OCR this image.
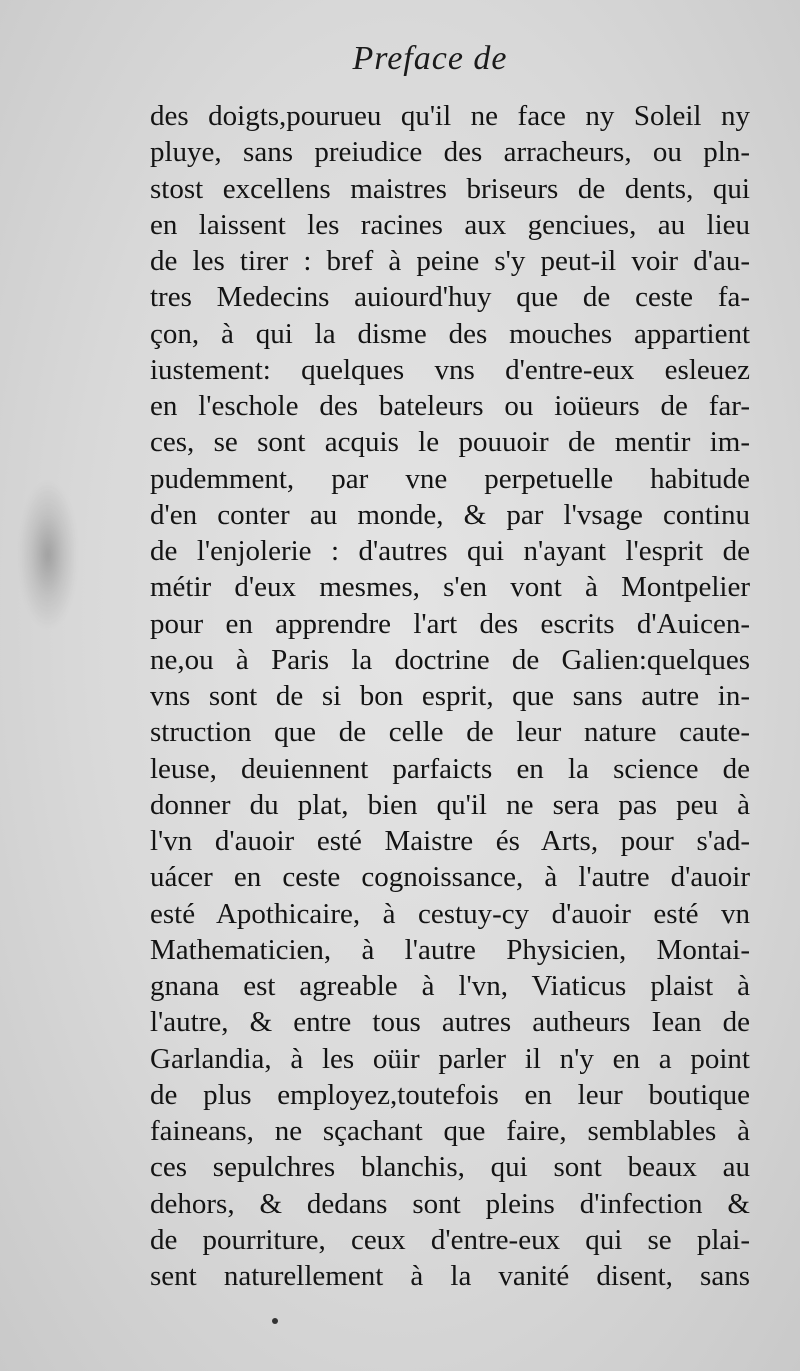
Preface de
des doigts,pourueu qu'il ne face ny Soleil ny
pluye, sans preiudice des arracheurs, ou pln-
stost excellens maistres briseurs de dents, qui
en laissent les racines aux genciues, au lieu
de les tirer : bref à peine s'y peut-il voir d'au-
tres Medecins auiourd'huy que de ceste fa-
çon, à qui la disme des mouches appartient
iustement: quelques vns d'entre-eux esleuez
en l'eschole des bateleurs ou ioüeurs de far-
ces, se sont acquis le pouuoir de mentir im-
pudemment, par vne perpetuelle habitude
d'en conter au monde, & par l'vsage continu
de l'enjolerie : d'autres qui n'ayant l'esprit de
métir d'eux mesmes, s'en vont à Montpelier
pour en apprendre l'art des escrits d'Auicen-
ne,ou à Paris la doctrine de Galien:quelques
vns sont de si bon esprit, que sans autre in-
struction que de celle de leur nature caute-
leuse, deuiennent parfaicts en la science de
donner du plat, bien qu'il ne sera pas peu à
l'vn d'auoir esté Maistre és Arts, pour s'ad-
uácer en ceste cognoissance, à l'autre d'auoir
esté Apothicaire, à cestuy-cy d'auoir esté vn
Mathematicien, à l'autre Physicien, Montai-
gnana est agreable à l'vn, Viaticus plaist à
l'autre, & entre tous autres autheurs Iean de
Garlandia, à les oüir parler il n'y en a point
de plus employez,toutefois en leur boutique
faineans, ne sçachant que faire, semblables à
ces sepulchres blanchis, qui sont beaux au
dehors, & dedans sont pleins d'infection &
de pourriture, ceux d'entre-eux qui se plai-
sent naturellement à la vanité disent, sans
